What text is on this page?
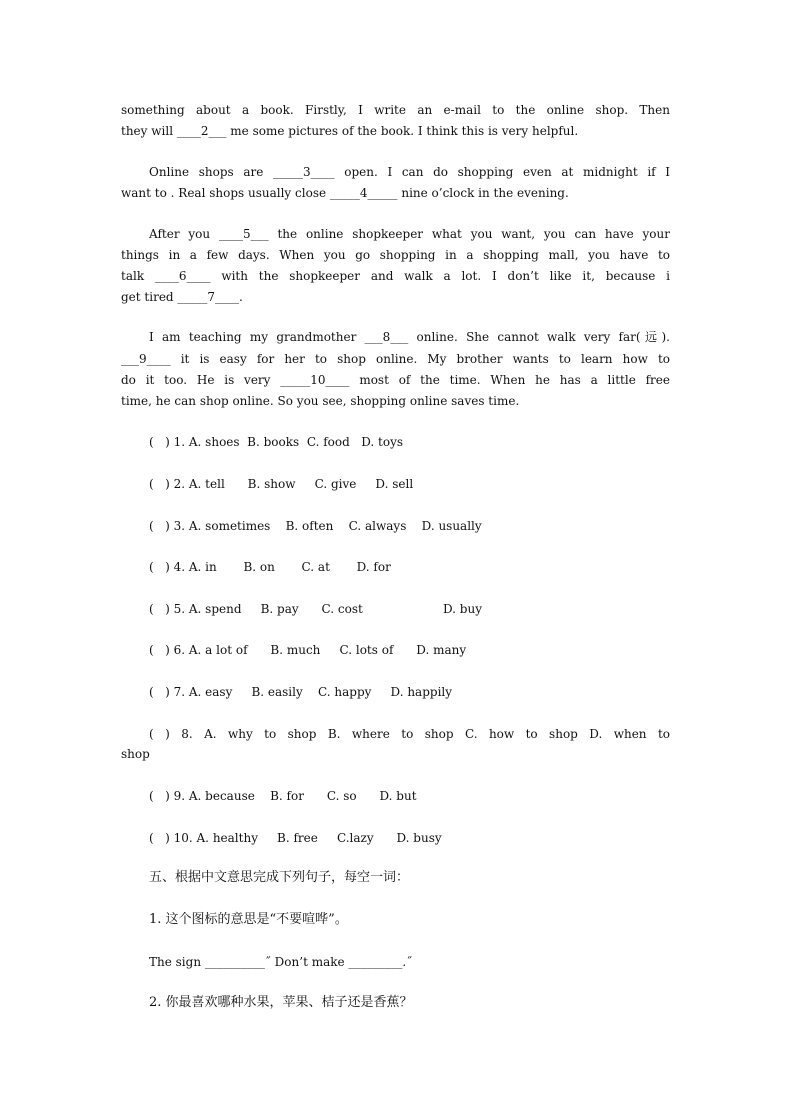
something about a book. Firstly, I write an e-mail to the online shop. Then
they will ____2___ me some pictures of the book. I think this is very helpful.
Online shops are _____3____ open. I can do shopping even at midnight if I
want to . Real shops usually close _____4_____ nine o’clock in the evening.
After you ____5___ the online shopkeeper what you want, you can have your
things in a few days. When you go shopping in a shopping mall, you have to
talk ____6____ with the shopkeeper and walk a lot. I don’t like it, because i
get tired _____7____.
I am teaching my grandmother ___8___ online. She cannot walk very far(远).
___9____ it is easy for her to shop online. My brother wants to learn how to
do it too. He is very _____10____ most of the time. When he has a little free
time, he can shop online. So you see, shopping online saves time.
(   ) 1. A. shoes  B. books  C. food   D. toys
(   ) 2. A. tell      B. show     C. give     D. sell
(   ) 3. A. sometimes    B. often    C. always    D. usually
(   ) 4. A. in       B. on       C. at       D. for
(   ) 5. A. spend     B. pay      C. cost                     D. buy
(   ) 6. A. a lot of      B. much     C. lots of      D. many
(   ) 7. A. easy     B. easily    C. happy     D. happily
( ) 8. A. why to shop B. where to shop C. how to shop D. when to
shop
(   ) 9. A. because    B. for      C. so      D. but
(   ) 10. A. healthy     B. free     C.lazy      D. busy
五、根据中文意思完成下列句子，每空一词：
1. 这个图标的意思是“不要喧哗”。
The sign __________˝ Don’t make _________.˝
2. 你最喜欢哪种水果，苹果、桔子还是香蕉？
